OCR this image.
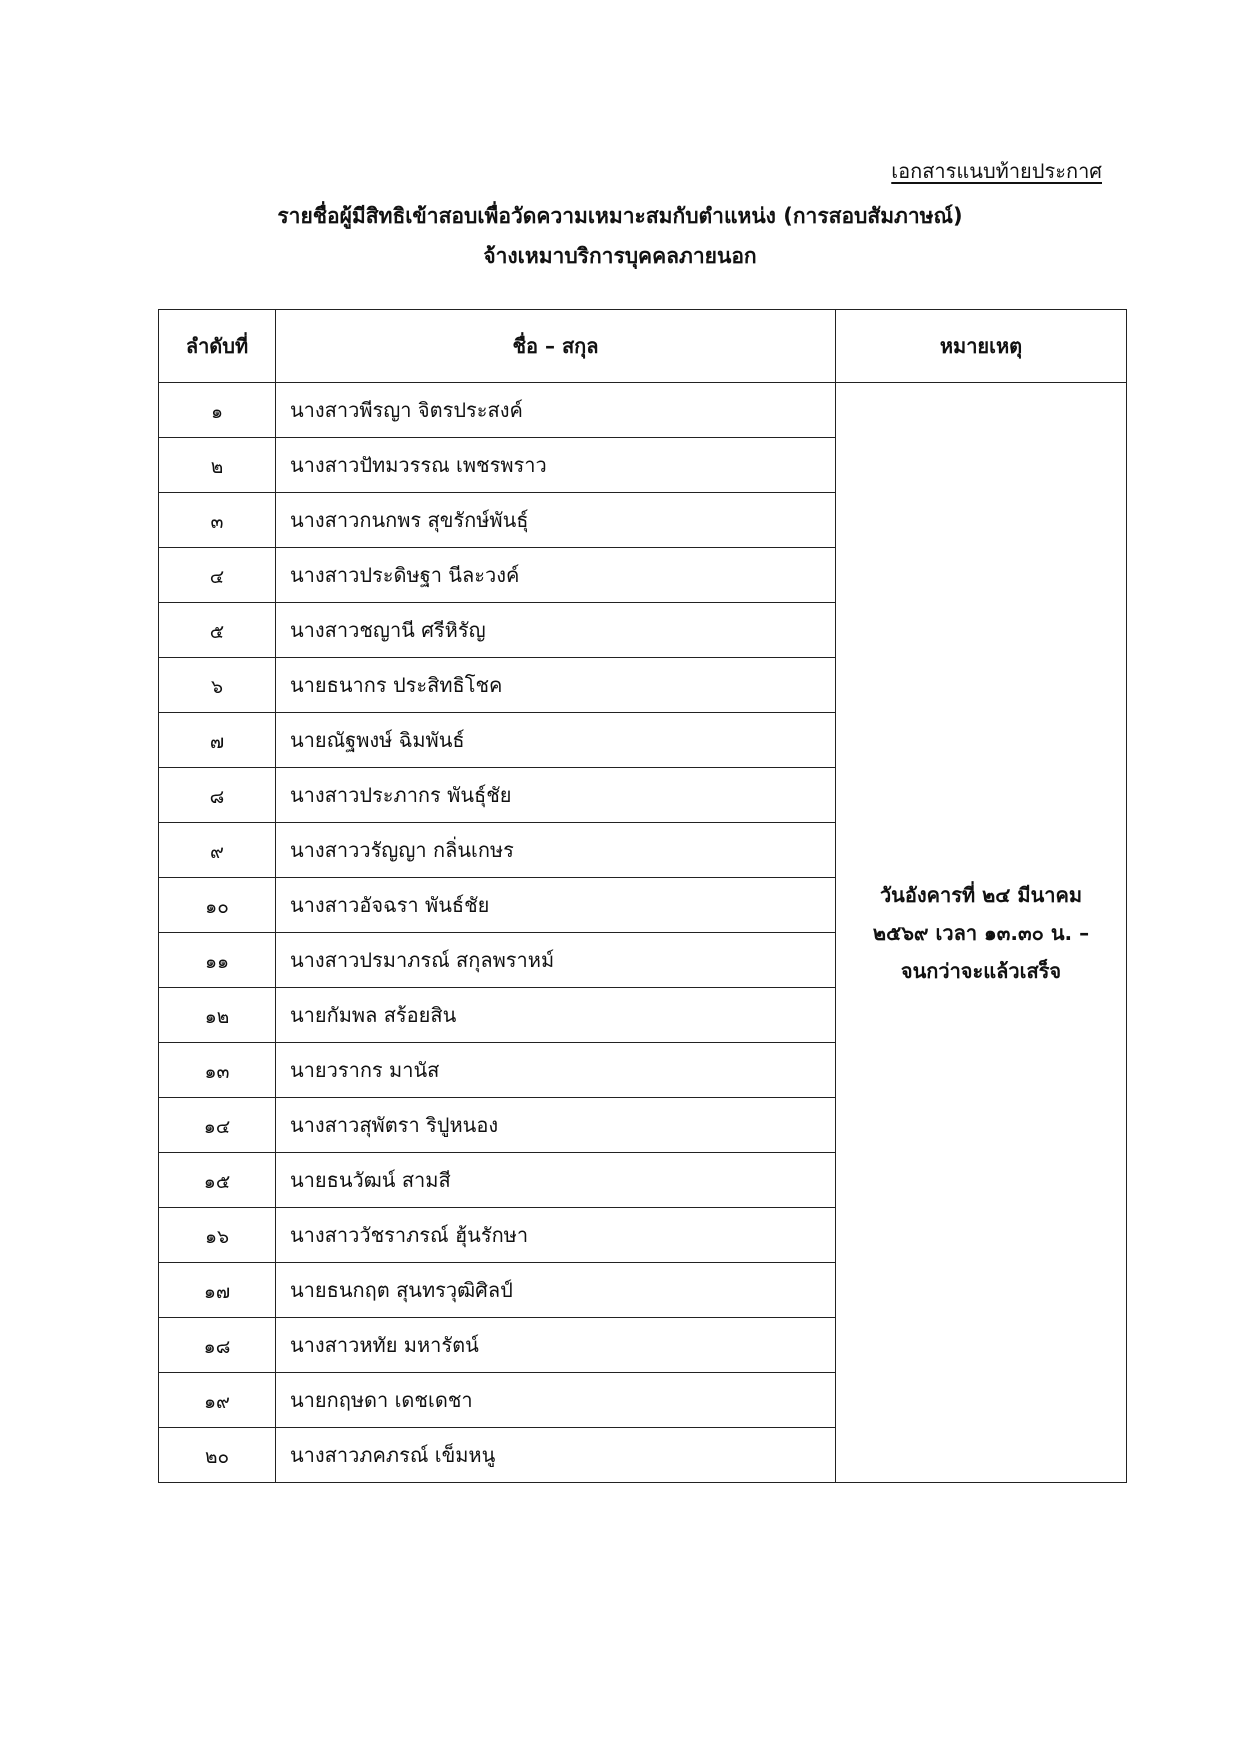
เอกสารแนบท้ายประกาศ
รายชื่อผู้มีสิทธิเข้าสอบเพื่อวัดความเหมาะสมกับตำแหน่ง (การสอบสัมภาษณ์)
จ้างเหมาบริการบุคคลภายนอก
ลำดับที่	ชื่อ – สกุล	หมายเหตุ
๑	นางสาวพีรญา จิตรประสงค์	วันอังคารที่ ๒๔ มีนาคม
๒๕๖๙ เวลา ๑๓.๓๐ น. –
จนกว่าจะแล้วเสร็จ

๒	นางสาวปัทมวรรณ เพชรพราว	
๓	นางสาวกนกพร สุขรักษ์พันธุ์	
๔	นางสาวประดิษฐา นีละวงค์	
๕	นางสาวชญานี ศรีหิรัญ	
๖	นายธนากร ประสิทธิโชค	
๗	นายณัฐพงษ์ ฉิมพันธ์	
๘	นางสาวประภากร พันธุ์ชัย	
๙	นางสาววรัญญา กลิ่นเกษร	
๑๐	นางสาวอัจฉรา พันธ์ชัย	
๑๑	นางสาวปรมาภรณ์ สกุลพราหม์	
๑๒	นายกัมพล สร้อยสิน	
๑๓	นายวรากร มานัส	
๑๔	นางสาวสุพัตรา ริปูหนอง	
๑๕	นายธนวัฒน์ สามสี	
๑๖	นางสาววัชราภรณ์ ฮุ้นรักษา	
๑๗	นายธนกฤต สุนทรวุฒิศิลป์	
๑๘	นางสาวหทัย มหารัตน์	
๑๙	นายกฤษดา เดชเดชา	
๒๐	นางสาวภคภรณ์ เข็มหนู	
